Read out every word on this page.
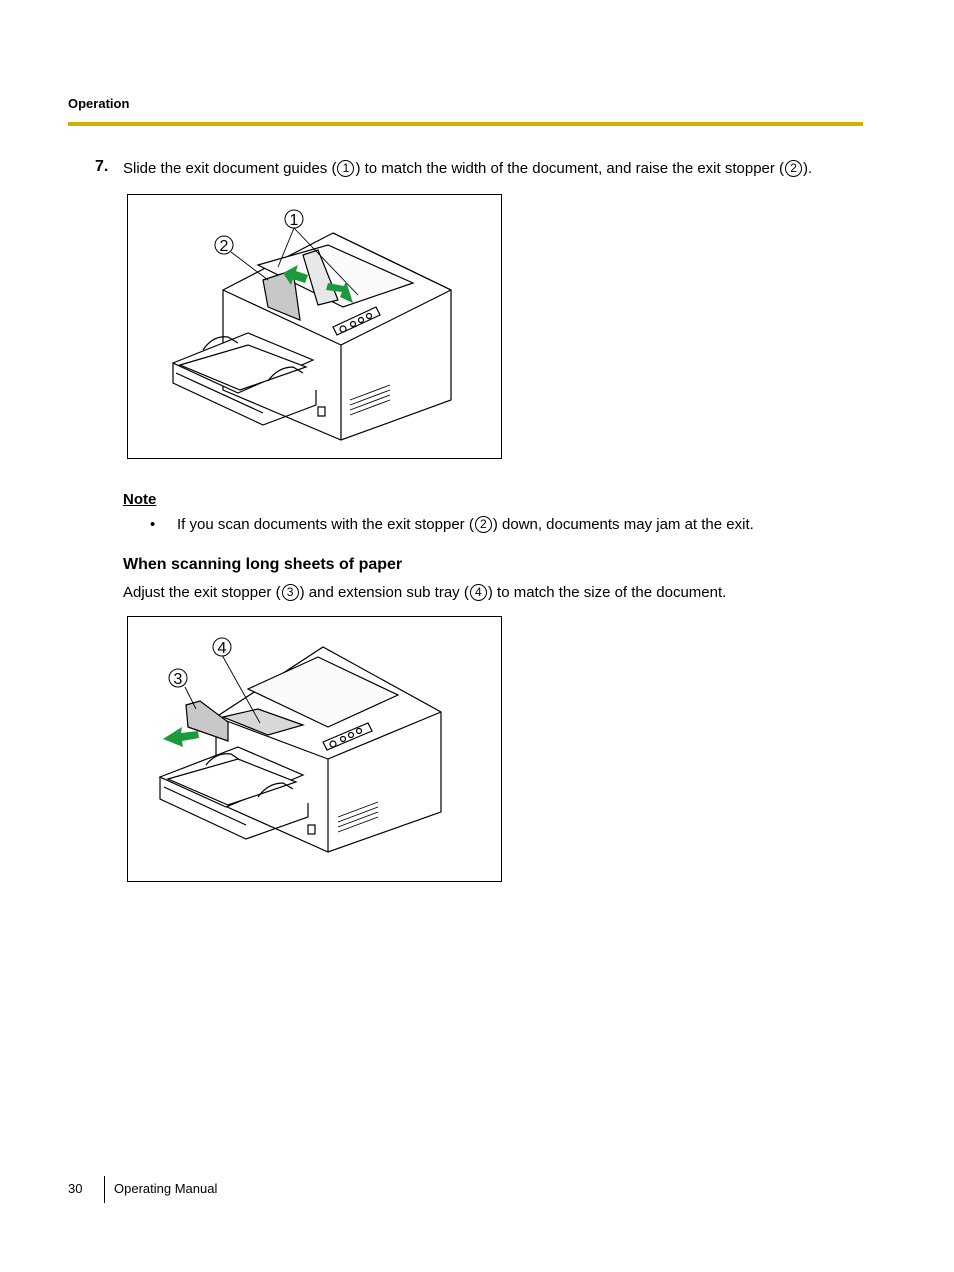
Operation
7. Slide the exit document guides ( 1 ) to match the width of the document, and raise the exit stopper ( 2 ).
1
2
Note
• If you scan documents with the exit stopper ( 2 ) down, documents may jam at the exit.
When scanning long sheets of paper
Adjust the exit stopper ( 3 ) and extension sub tray ( 4 ) to match the size of the document.
4
3
30 Operating Manual
